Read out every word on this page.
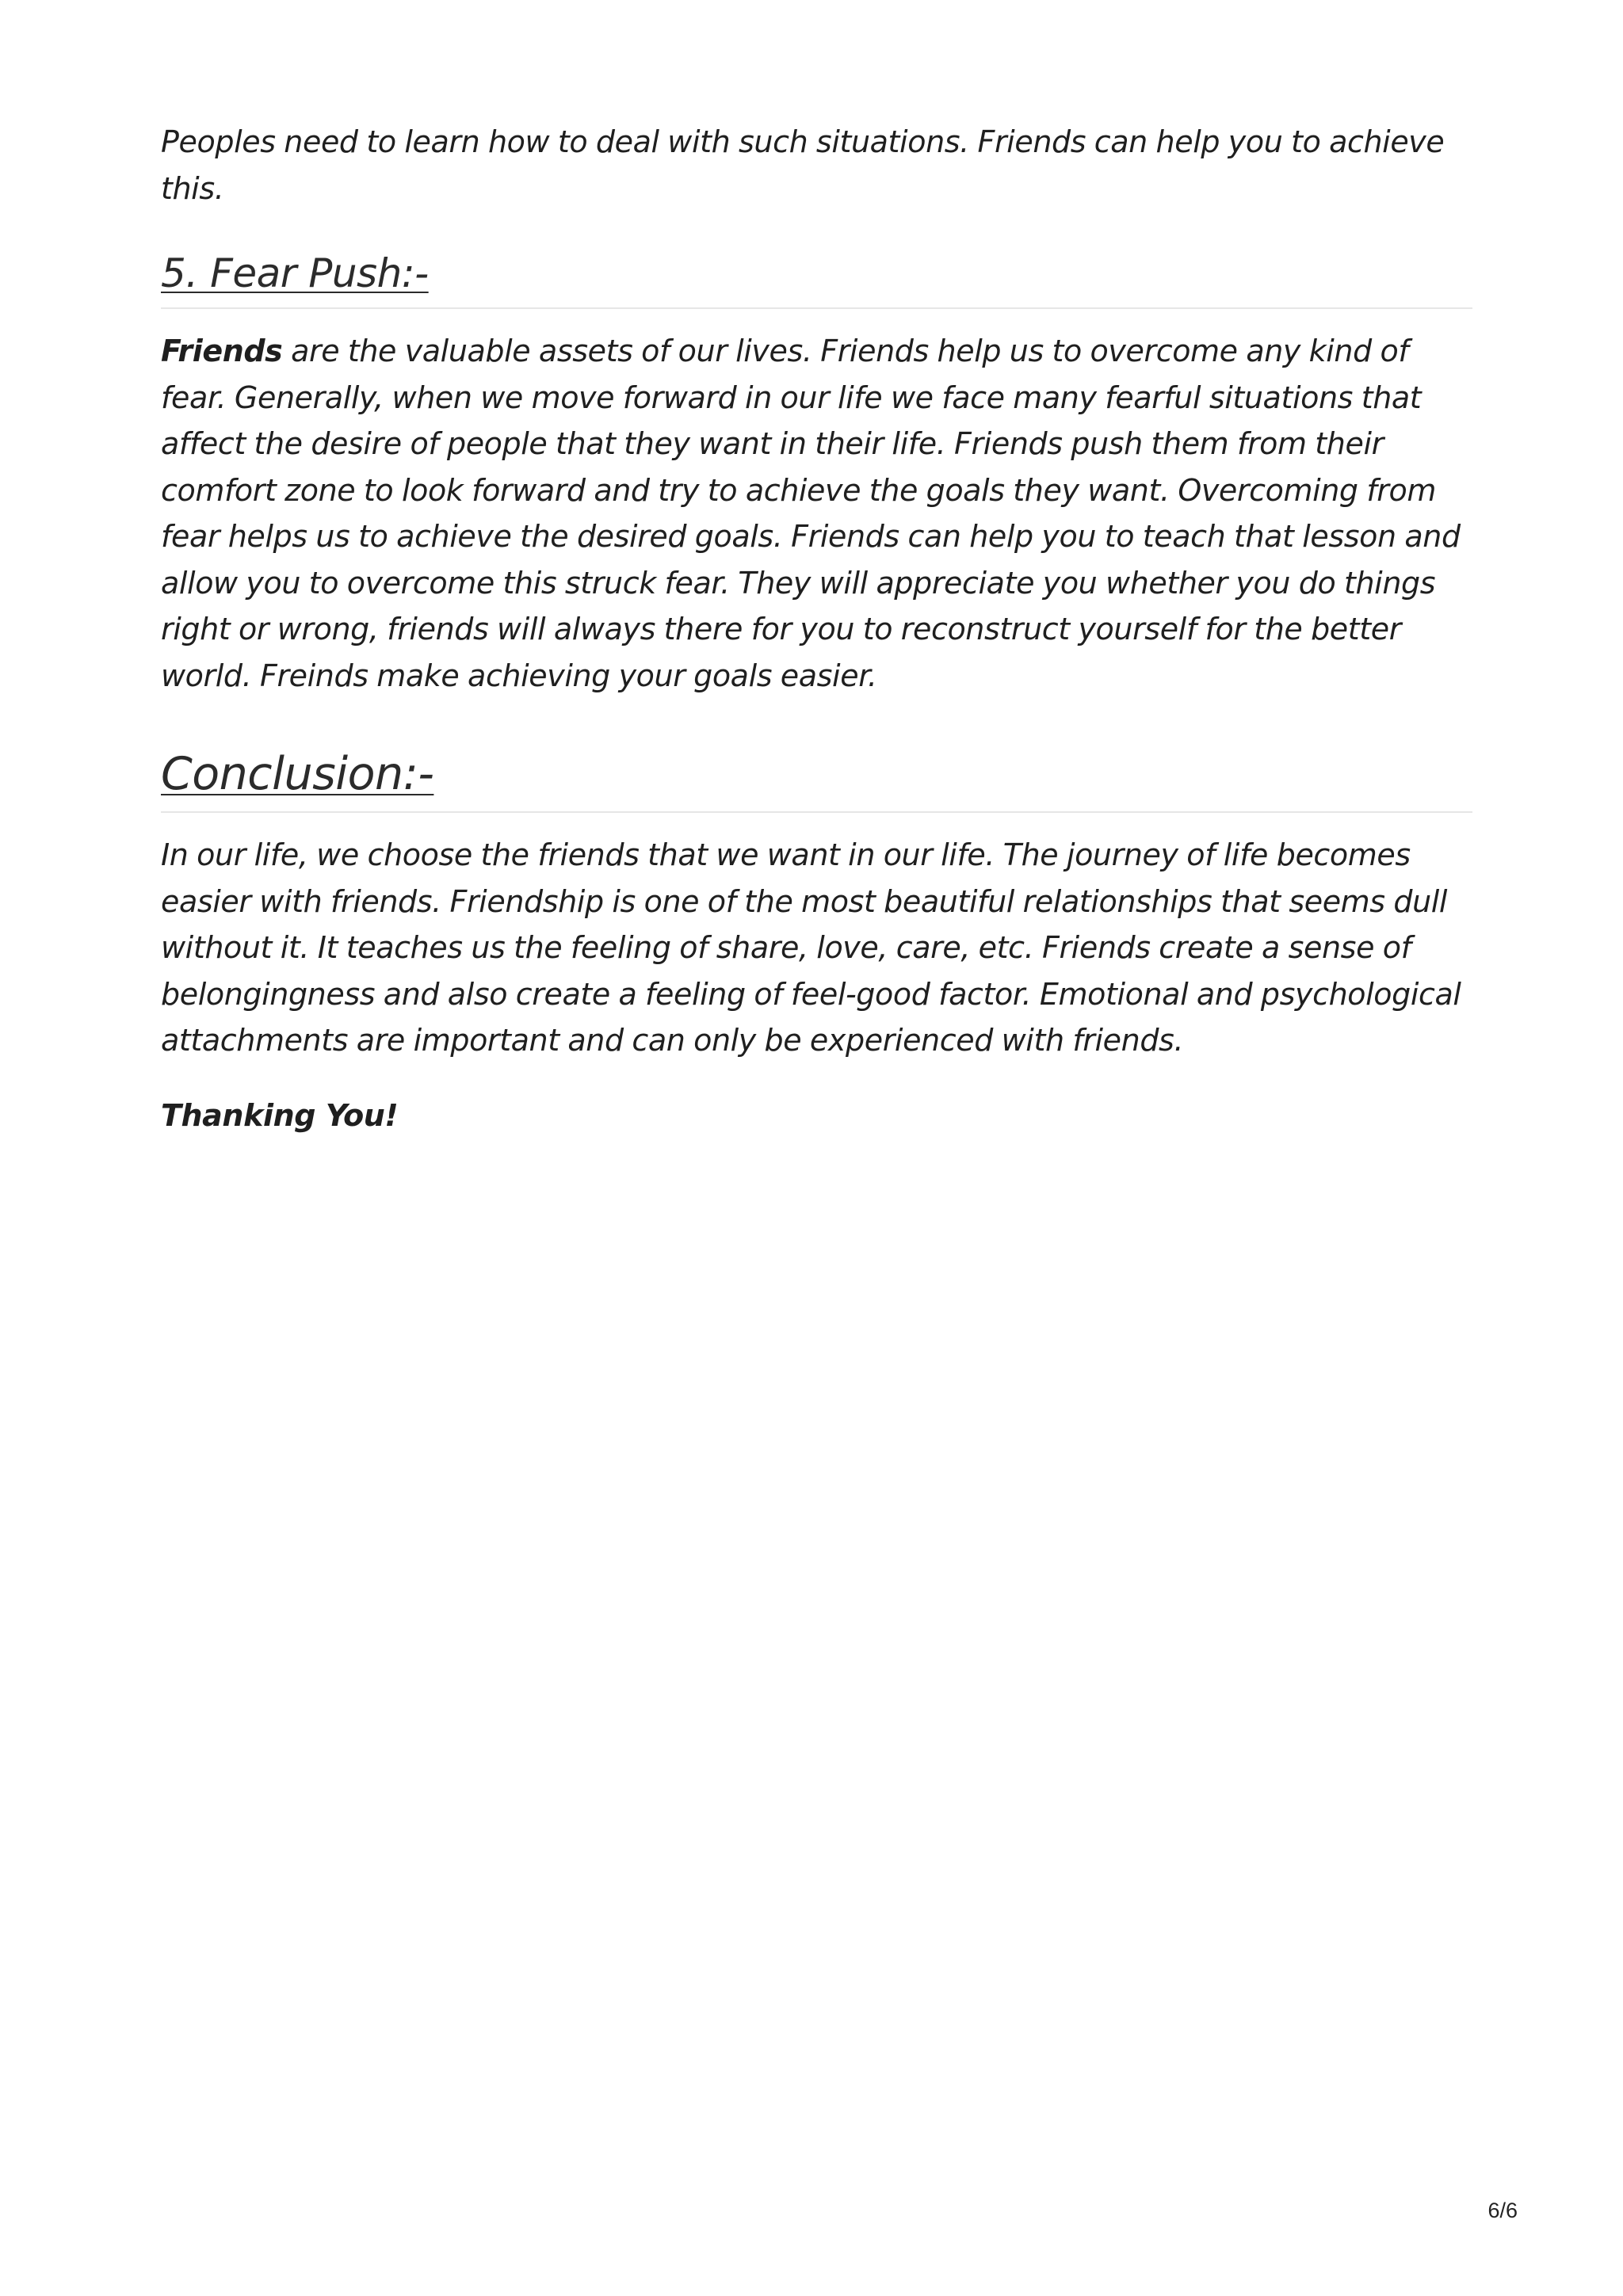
Peoples need to learn how to deal with such situations. Friends can help you to achieve this.

5. Fear Push:-

Friends are the valuable assets of our lives. Friends help us to overcome any kind of fear. Generally, when we move forward in our life we face many fearful situations that affect the desire of people that they want in their life. Friends push them from their comfort zone to look forward and try to achieve the goals they want. Overcoming from fear helps us to achieve the desired goals. Friends can help you to teach that lesson and allow you to overcome this struck fear. They will appreciate you whether you do things right or wrong, friends will always there for you to reconstruct yourself for the better world. Freinds make achieving your goals easier.

Conclusion:-

In our life, we choose the friends that we want in our life. The journey of life becomes easier with friends. Friendship is one of the most beautiful relationships that seems dull without it. It teaches us the feeling of share, love, care, etc. Friends create a sense of belongingness and also create a feeling of feel-good factor. Emotional and psychological attachments are important and can only be experienced with friends.

Thanking You!

6/6
